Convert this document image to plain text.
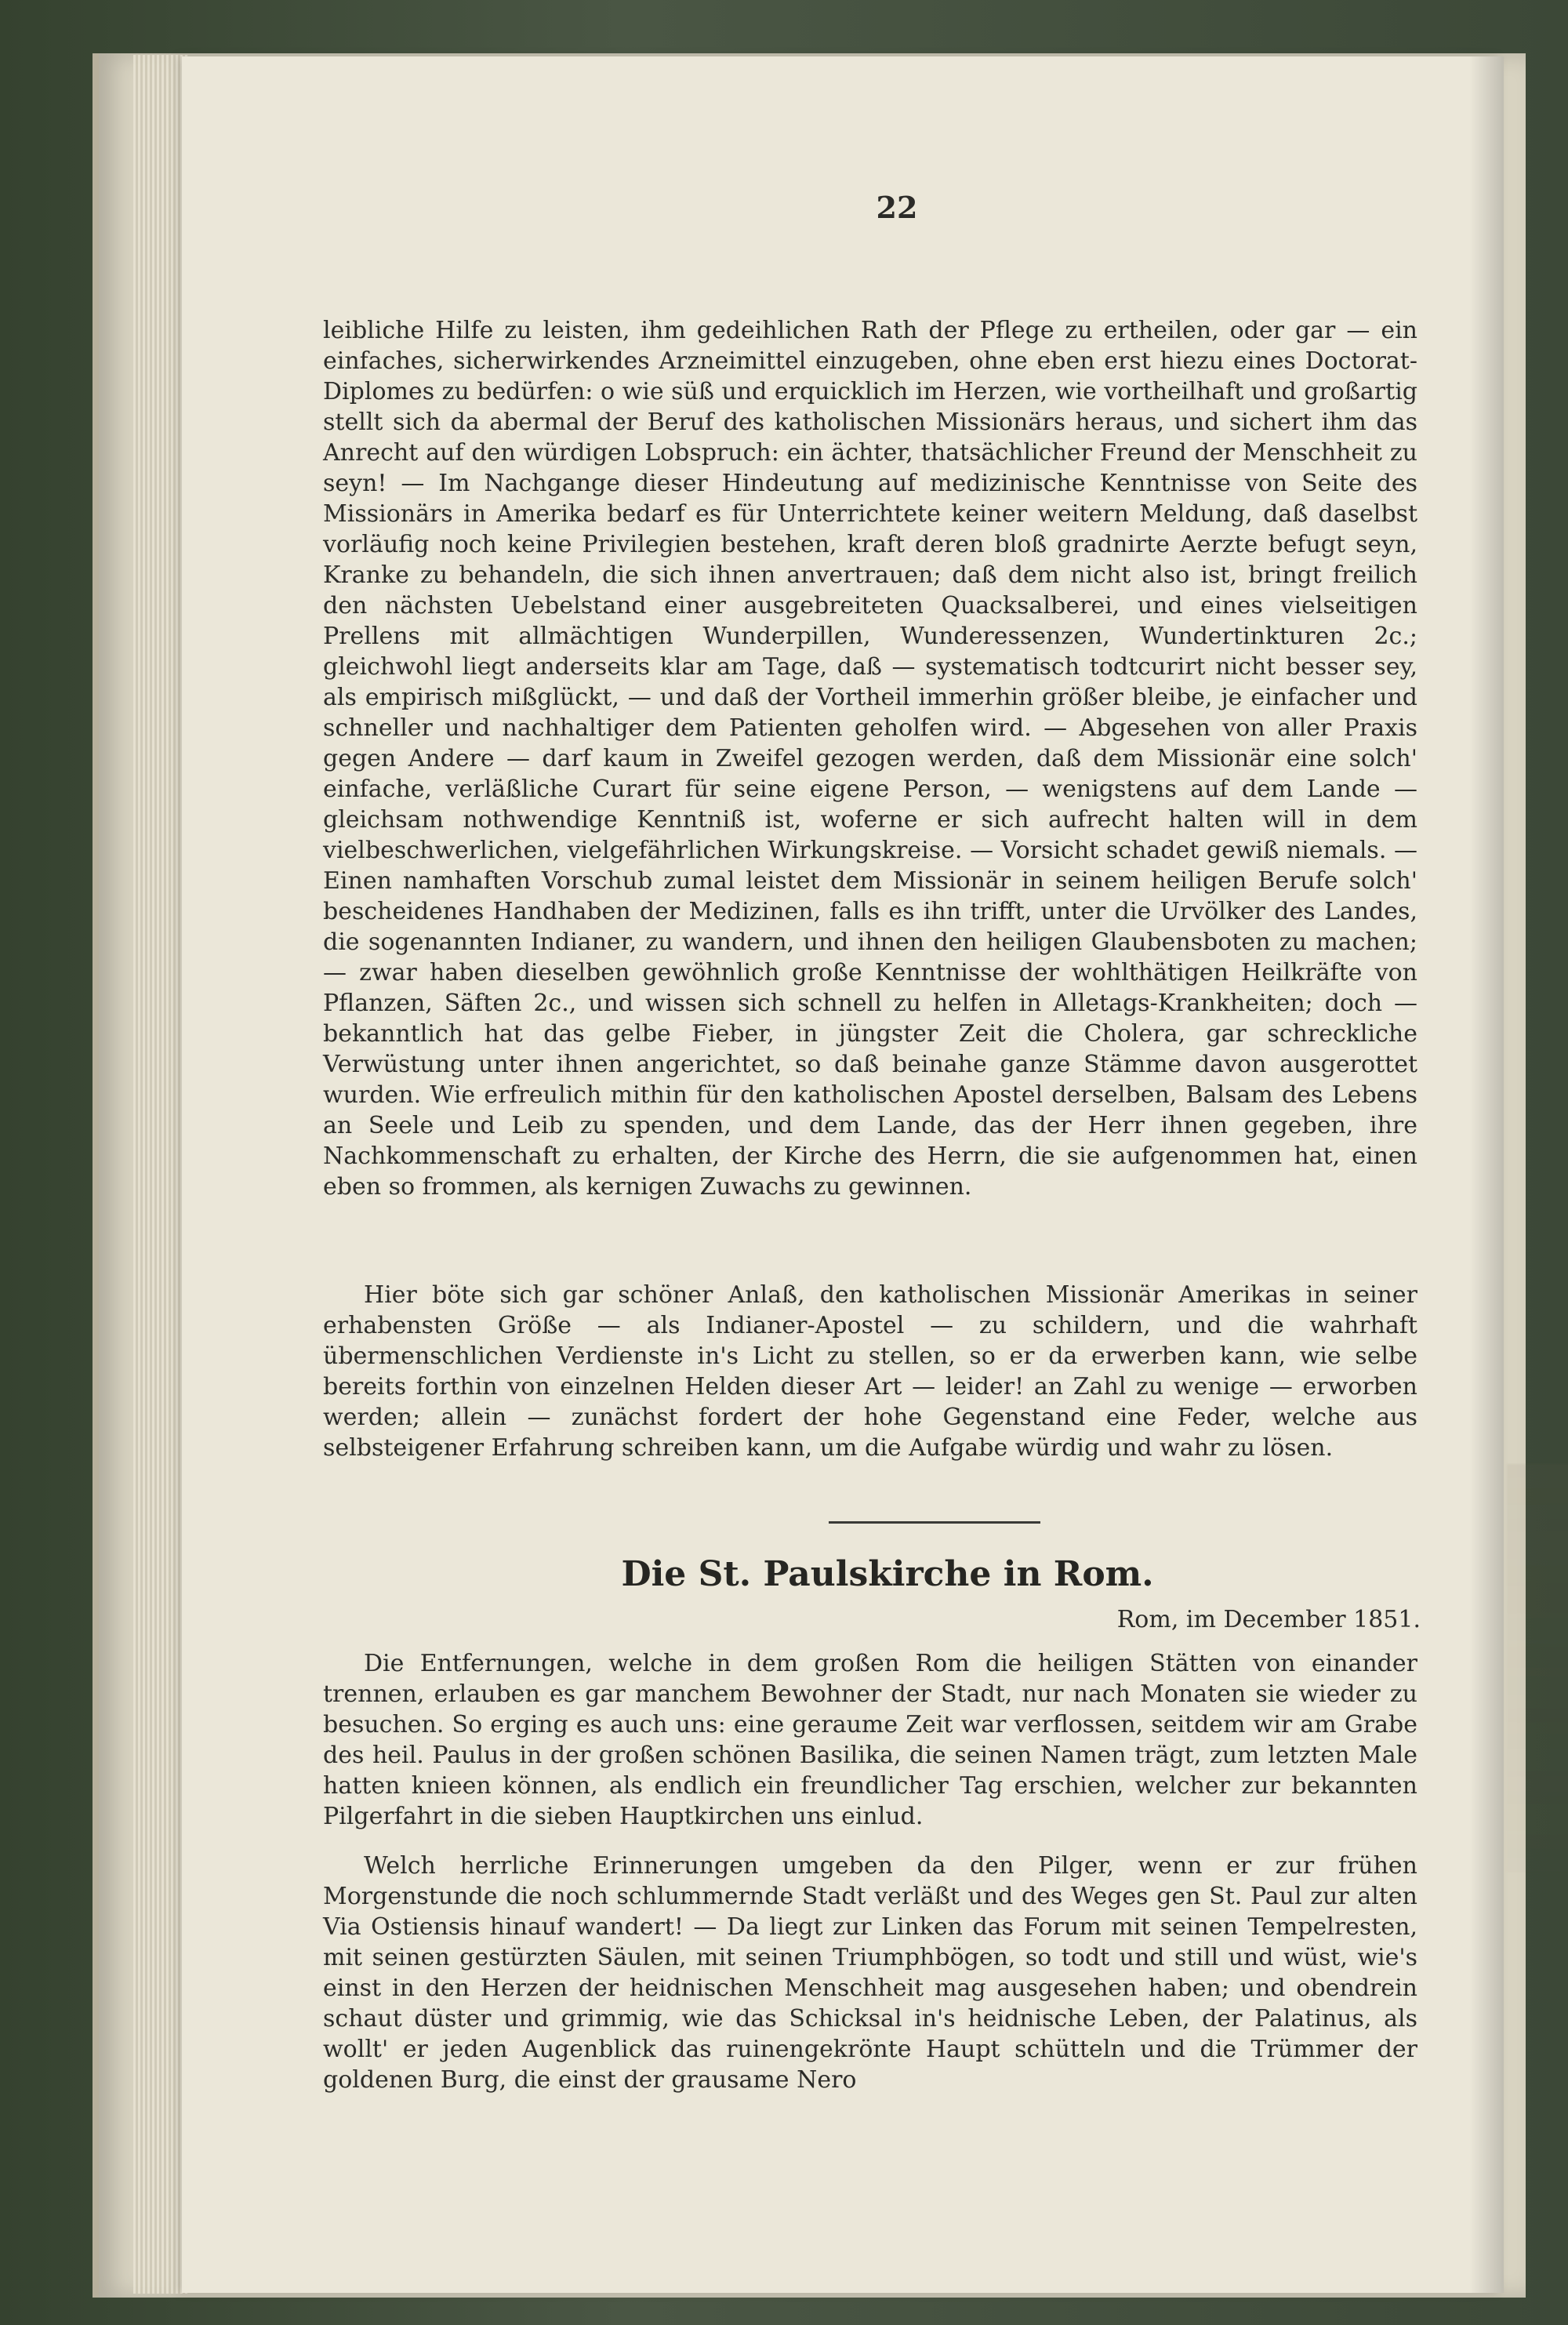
22
leibliche Hilfe zu leisten, ihm gedeihlichen Rath der Pflege zu ertheilen, oder gar — ein einfaches, sicherwirkendes Arzneimittel einzugeben, ohne eben erst hiezu eines Doctorat-Diplomes zu bedürfen: o wie süß und erquicklich im Herzen, wie vortheilhaft und großartig stellt sich da abermal der Beruf des katholischen Missionärs heraus, und sichert ihm das Anrecht auf den würdigen Lobspruch: ein ächter, thatsächlicher Freund der Menschheit zu seyn! — Im Nachgange dieser Hindeutung auf medizinische Kenntnisse von Seite des Missionärs in Amerika bedarf es für Unterrichtete keiner weitern Meldung, daß daselbst vorläufig noch keine Privilegien bestehen, kraft deren bloß gradnirte Aerzte befugt seyn, Kranke zu behandeln, die sich ihnen anvertrauen; daß dem nicht also ist, bringt freilich den nächsten Uebelstand einer ausgebreiteten Quacksalberei, und eines vielseitigen Prellens mit allmächtigen Wunderpillen, Wunderessenzen, Wundertinkturen 2c.; gleichwohl liegt anderseits klar am Tage, daß — systematisch todtcurirt nicht besser sey, als empirisch mißglückt, — und daß der Vortheil immerhin größer bleibe, je einfacher und schneller und nachhaltiger dem Patienten geholfen wird. — Abgesehen von aller Praxis gegen Andere — darf kaum in Zweifel gezogen werden, daß dem Missionär eine solch' einfache, verläßliche Curart für seine eigene Person, — wenigstens auf dem Lande — gleichsam nothwendige Kenntniß ist, woferne er sich aufrecht halten will in dem vielbeschwerlichen, vielgefährlichen Wirkungskreise. — Vorsicht schadet gewiß niemals. — Einen namhaften Vorschub zumal leistet dem Missionär in seinem heiligen Berufe solch' bescheidenes Handhaben der Medizinen, falls es ihn trifft, unter die Urvölker des Landes, die sogenannten Indianer, zu wandern, und ihnen den heiligen Glaubensboten zu machen; — zwar haben dieselben gewöhnlich große Kenntnisse der wohlthätigen Heilkräfte von Pflanzen, Säften 2c., und wissen sich schnell zu helfen in Alletags-Krankheiten; doch — bekanntlich hat das gelbe Fieber, in jüngster Zeit die Cholera, gar schreckliche Verwüstung unter ihnen angerichtet, so daß beinahe ganze Stämme davon ausgerottet wurden. Wie erfreulich mithin für den katholischen Apostel derselben, Balsam des Lebens an Seele und Leib zu spenden, und dem Lande, das der Herr ihnen gegeben, ihre Nachkommenschaft zu erhalten, der Kirche des Herrn, die sie aufgenommen hat, einen eben so frommen, als kernigen Zuwachs zu gewinnen.
Hier böte sich gar schöner Anlaß, den katholischen Missionär Amerikas in seiner erhabensten Größe — als Indianer-Apostel — zu schildern, und die wahrhaft übermenschlichen Verdienste in's Licht zu stellen, so er da erwerben kann, wie selbe bereits forthin von einzelnen Helden dieser Art — leider! an Zahl zu wenige — erworben werden; allein — zunächst fordert der hohe Gegenstand eine Feder, welche aus selbsteigener Erfahrung schreiben kann, um die Aufgabe würdig und wahr zu lösen.
Die St. Paulskirche in Rom.
Rom, im December 1851.
Die Entfernungen, welche in dem großen Rom die heiligen Stätten von einander trennen, erlauben es gar manchem Bewohner der Stadt, nur nach Monaten sie wieder zu besuchen. So erging es auch uns: eine geraume Zeit war verflossen, seitdem wir am Grabe des heil. Paulus in der großen schönen Basilika, die seinen Namen trägt, zum letzten Male hatten knieen können, als endlich ein freundlicher Tag erschien, welcher zur bekannten Pilgerfahrt in die sieben Hauptkirchen uns einlud.
Welch herrliche Erinnerungen umgeben da den Pilger, wenn er zur frühen Morgenstunde die noch schlummernde Stadt verläßt und des Weges gen St. Paul zur alten Via Ostiensis hinauf wandert! — Da liegt zur Linken das Forum mit seinen Tempelresten, mit seinen gestürzten Säulen, mit seinen Triumphbögen, so todt und still und wüst, wie's einst in den Herzen der heidnischen Menschheit mag ausgesehen haben; und obendrein schaut düster und grimmig, wie das Schicksal in's heidnische Leben, der Palatinus, als wollt' er jeden Augenblick das ruinengekrönte Haupt schütteln und die Trümmer der goldenen Burg, die einst der grausame Nero
